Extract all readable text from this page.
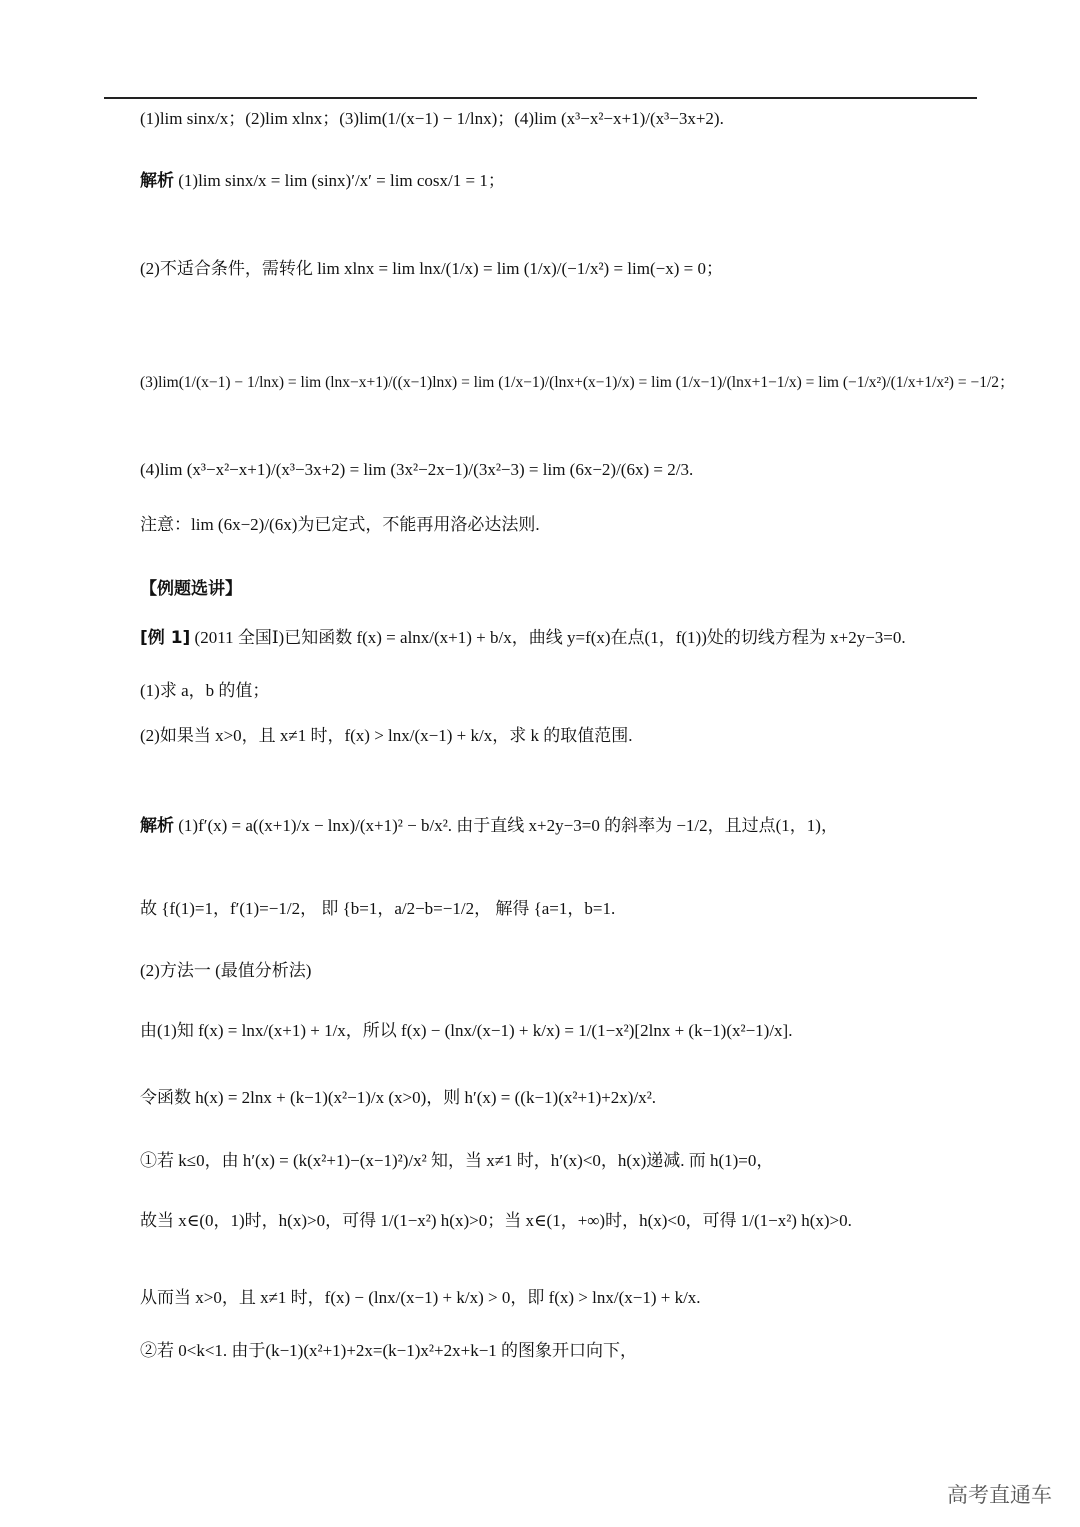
(1)lim sinx/x；(2)lim xlnx；(3)lim(1/(x−1) − 1/lnx)；(4)lim (x³−x²−x+1)/(x³−3x+2).
解析 (1)lim sinx/x = lim (sinx)′/x′ = lim cosx/1 = 1；
(2)不适合条件，需转化 lim xlnx = lim lnx/(1/x) = lim (1/x)/(−1/x²) = lim(−x) = 0；
(3)lim(1/(x−1) − 1/lnx) = lim (lnx−x+1)/((x−1)lnx) = lim (1/x−1)/(lnx+(x−1)/x) = lim (1/x−1)/(lnx+1−1/x) = lim (−1/x²)/(1/x+1/x²) = −1/2；
(4)lim (x³−x²−x+1)/(x³−3x+2) = lim (3x²−2x−1)/(3x²−3) = lim (6x−2)/(6x) = 2/3.
注意：lim (6x−2)/(6x)为已定式，不能再用洛必达法则.
【例题选讲】
[例 1] (2011 全国Ⅰ)已知函数 f(x) = alnx/(x+1) + b/x，曲线 y=f(x)在点(1，f(1))处的切线方程为 x+2y−3=0.
(1)求 a，b 的值；
(2)如果当 x>0，且 x≠1 时，f(x) > lnx/(x−1) + k/x，求 k 的取值范围.
解析 (1)f′(x) = a((x+1)/x − lnx)/(x+1)² − b/x². 由于直线 x+2y−3=0 的斜率为 −1/2，且过点(1，1)，
故 {f(1)=1，f′(1)=−1/2， 即 {b=1，a/2−b=−1/2， 解得 {a=1，b=1.
(2)方法一 (最值分析法)
由(1)知 f(x) = lnx/(x+1) + 1/x，所以 f(x) − (lnx/(x−1) + k/x) = 1/(1−x²)[2lnx + (k−1)(x²−1)/x].
令函数 h(x) = 2lnx + (k−1)(x²−1)/x (x>0)，则 h′(x) = ((k−1)(x²+1)+2x)/x².
①若 k≤0，由 h′(x) = (k(x²+1)−(x−1)²)/x² 知，当 x≠1 时，h′(x)<0，h(x)递减. 而 h(1)=0，
故当 x∈(0，1)时，h(x)>0，可得 1/(1−x²) h(x)>0；当 x∈(1，+∞)时，h(x)<0，可得 1/(1−x²) h(x)>0.
从而当 x>0，且 x≠1 时，f(x) − (lnx/(x−1) + k/x) > 0，即 f(x) > lnx/(x−1) + k/x.
②若 0<k<1. 由于(k−1)(x²+1)+2x=(k−1)x²+2x+k−1 的图象开口向下，
高考直通车
